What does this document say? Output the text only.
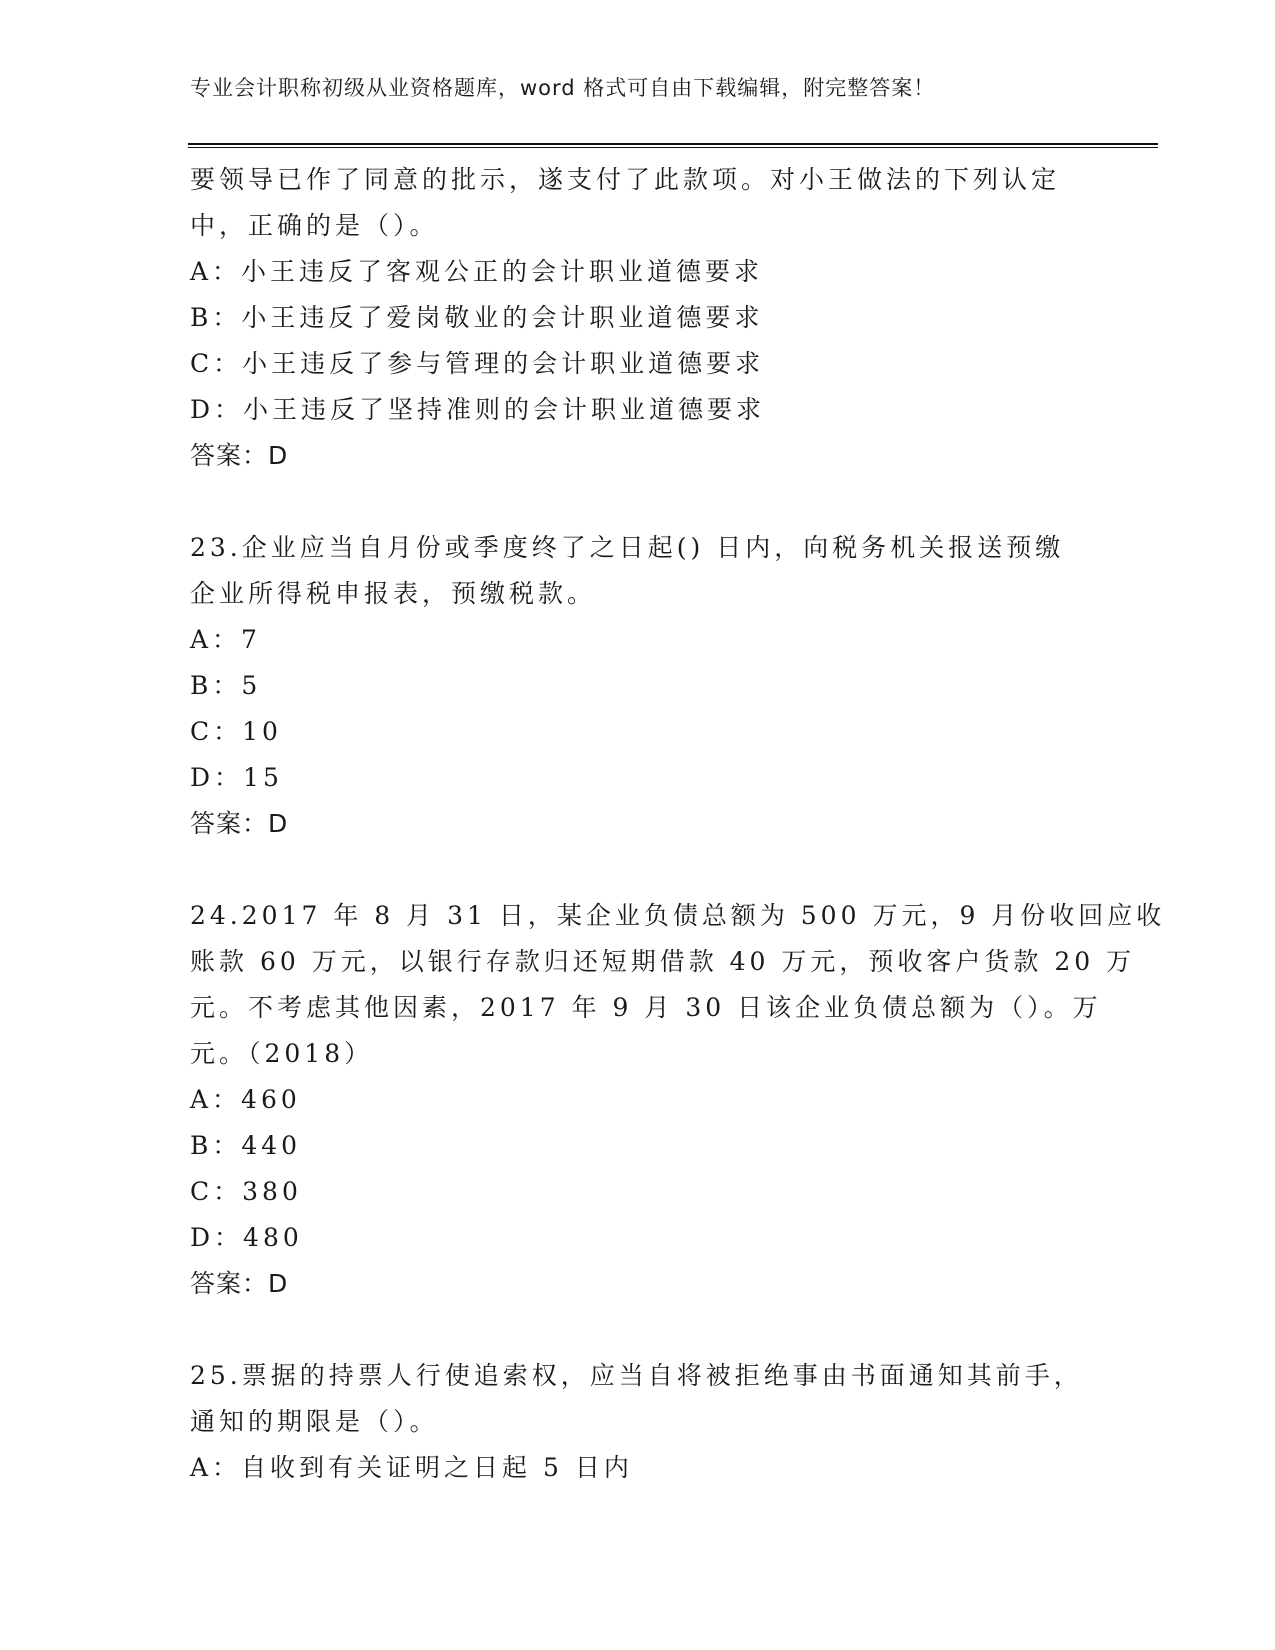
专业会计职称初级从业资格题库，word 格式可自由下载编辑，附完整答案！
要领导已作了同意的批示，遂支付了此款项。对小王做法的下列认定
中，正确的是（）。
A：小王违反了客观公正的会计职业道德要求
B：小王违反了爱岗敬业的会计职业道德要求
C：小王违反了参与管理的会计职业道德要求
D：小王违反了坚持准则的会计职业道德要求
答案：D
23.企业应当自月份或季度终了之日起() 日内，向税务机关报送预缴
企业所得税申报表，预缴税款。
A：7
B：5
C：10
D：15
答案：D
24.2017 年 8 月 31 日，某企业负债总额为 500 万元，9 月份收回应收
账款 60 万元，以银行存款归还短期借款 40 万元，预收客户货款 20 万
元。不考虑其他因素，2017 年 9 月 30 日该企业负债总额为（）。万
元。（2018）
A：460
B：440
C：380
D：480
答案：D
25.票据的持票人行使追索权，应当自将被拒绝事由书面通知其前手，
通知的期限是（）。
A：自收到有关证明之日起 5 日内
